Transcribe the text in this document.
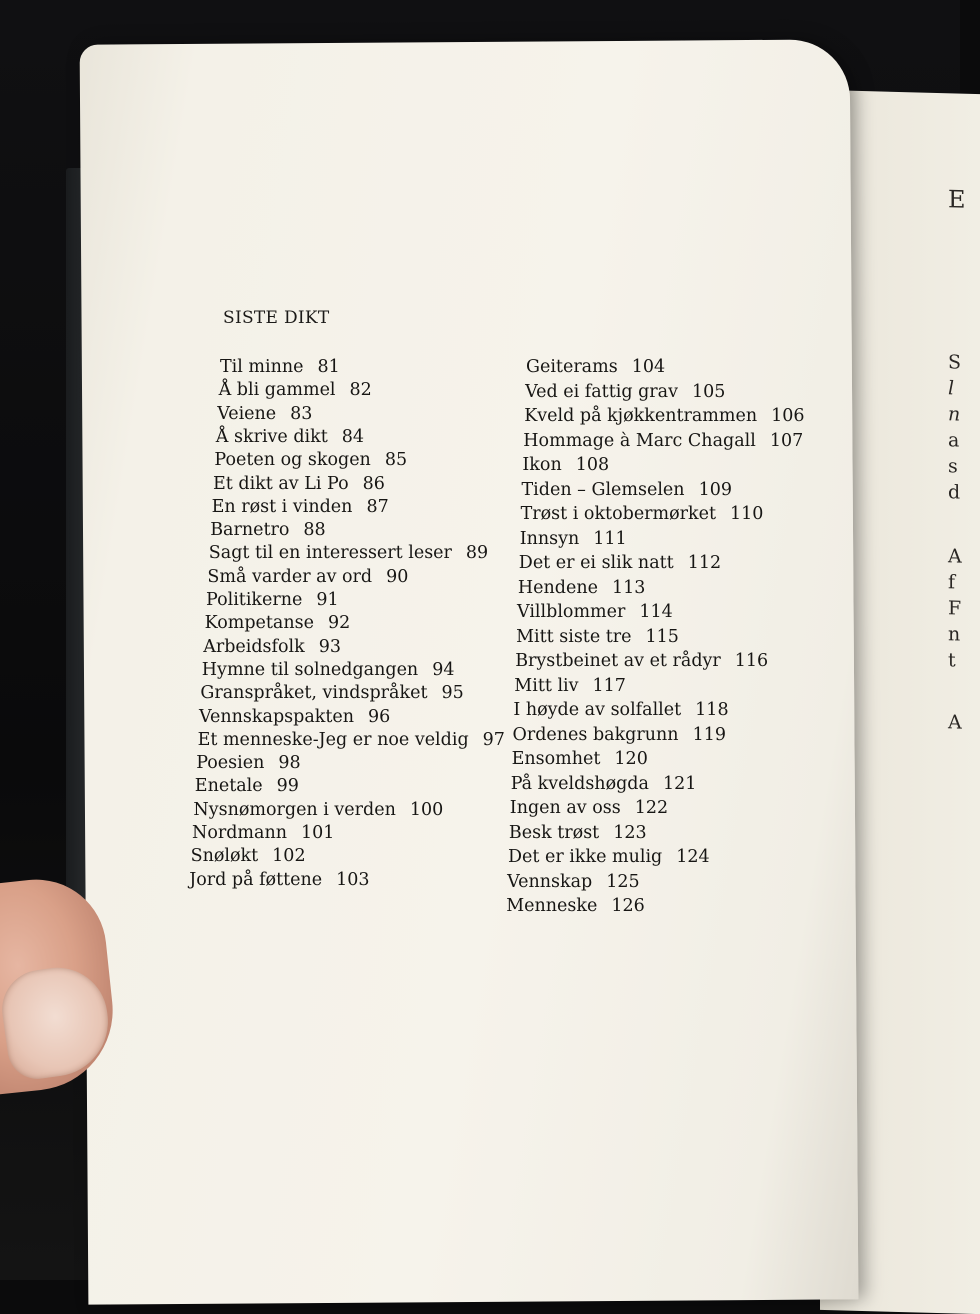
E
S
l
n
a
s
d
A
f
F
n
t
A
SISTE DIKT
Til minne 81
Å bli gammel 82
Veiene 83
Å skrive dikt 84
Poeten og skogen 85
Et dikt av Li Po 86
En røst i vinden 87
Barnetro 88
Sagt til en interessert leser 89
Små varder av ord 90
Politikerne 91
Kompetanse 92
Arbeidsfolk 93
Hymne til solnedgangen 94
Granspråket, vindspråket 95
Vennskapspakten 96
Et menneske-Jeg er noe veldig 97
Poesien 98
Enetale 99
Nysnømorgen i verden 100
Nordmann 101
Snøløkt 102
Jord på føttene 103
Geiterams 104
Ved ei fattig grav 105
Kveld på kjøkkentrammen 106
Hommage à Marc Chagall 107
Ikon 108
Tiden – Glemselen 109
Trøst i oktobermørket 110
Innsyn 111
Det er ei slik natt 112
Hendene 113
Villblommer 114
Mitt siste tre 115
Brystbeinet av et rådyr 116
Mitt liv 117
I høyde av solfallet 118
Ordenes bakgrunn 119
Ensomhet 120
På kveldshøgda 121
Ingen av oss 122
Besk trøst 123
Det er ikke mulig 124
Vennskap 125
Menneske 126
